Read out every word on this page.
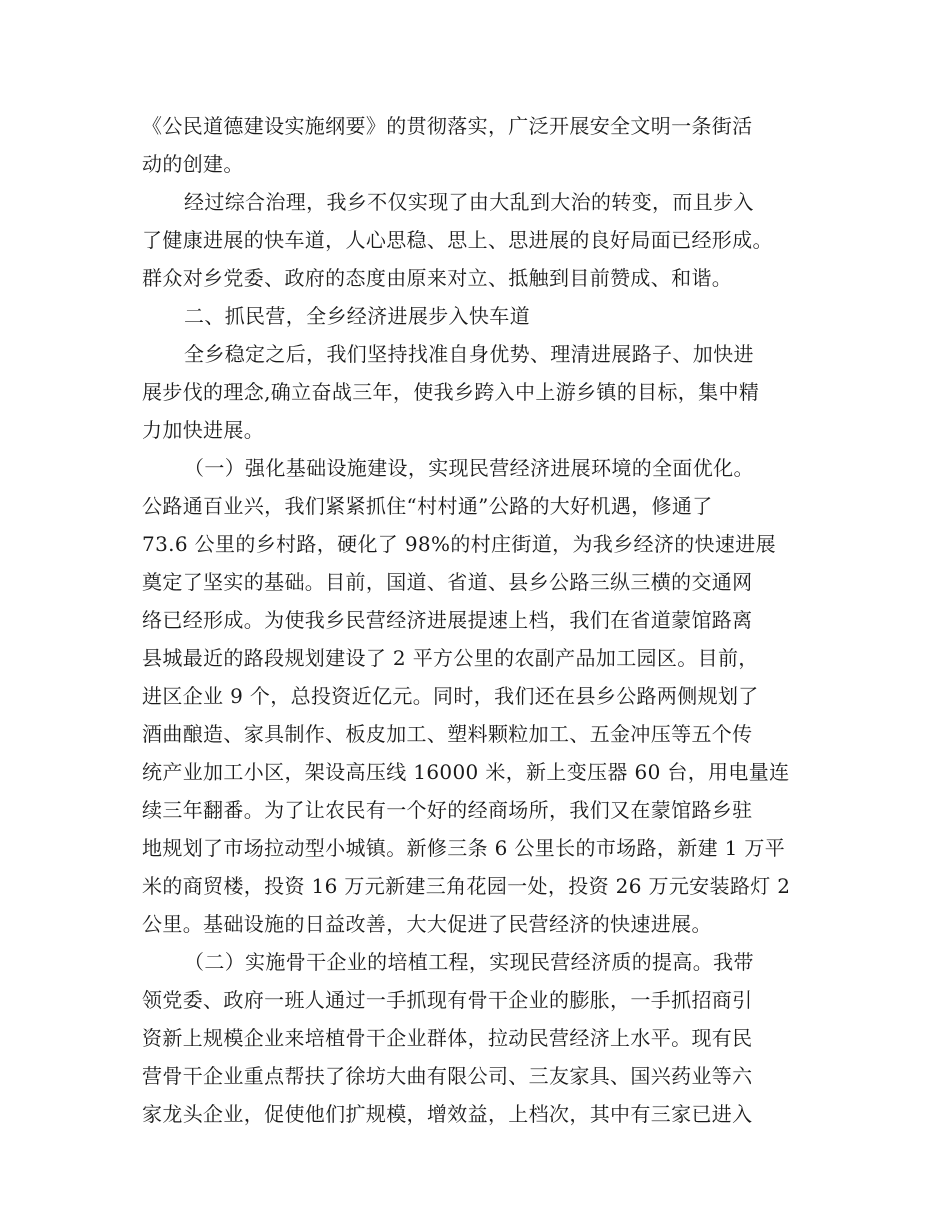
《公民道德建设实施纲要》的贯彻落实，广泛开展安全文明一条街活
动的创建。
经过综合治理，我乡不仅实现了由大乱到大治的转变，而且步入
了健康进展的快车道，人心思稳、思上、思进展的良好局面已经形成。
群众对乡党委、政府的态度由原来对立、抵触到目前赞成、和谐。
二、抓民营，全乡经济进展步入快车道
全乡稳定之后，我们坚持找准自身优势、理清进展路子、加快进
展步伐的理念,确立奋战三年，使我乡跨入中上游乡镇的目标，集中精
力加快进展。
（一）强化基础设施建设，实现民营经济进展环境的全面优化。
公路通百业兴，我们紧紧抓住“村村通”公路的大好机遇，修通了
73.6 公里的乡村路，硬化了 98%的村庄街道，为我乡经济的快速进展
奠定了坚实的基础。目前，国道、省道、县乡公路三纵三横的交通网
络已经形成。为使我乡民营经济进展提速上档，我们在省道蒙馆路离
县城最近的路段规划建设了 2 平方公里的农副产品加工园区。目前，
进区企业 9 个，总投资近亿元。同时，我们还在县乡公路两侧规划了
酒曲酿造、家具制作、板皮加工、塑料颗粒加工、五金冲压等五个传
统产业加工小区，架设高压线 16000 米，新上变压器 60 台，用电量连
续三年翻番。为了让农民有一个好的经商场所，我们又在蒙馆路乡驻
地规划了市场拉动型小城镇。新修三条 6 公里长的市场路，新建 1 万平
米的商贸楼，投资 16 万元新建三角花园一处，投资 26 万元安装路灯 2
公里。基础设施的日益改善，大大促进了民营经济的快速进展。
（二）实施骨干企业的培植工程，实现民营经济质的提高。我带
领党委、政府一班人通过一手抓现有骨干企业的膨胀，一手抓招商引
资新上规模企业来培植骨干企业群体，拉动民营经济上水平。现有民
营骨干企业重点帮扶了徐坊大曲有限公司、三友家具、国兴药业等六
家龙头企业，促使他们扩规模，增效益，上档次，其中有三家已进入
